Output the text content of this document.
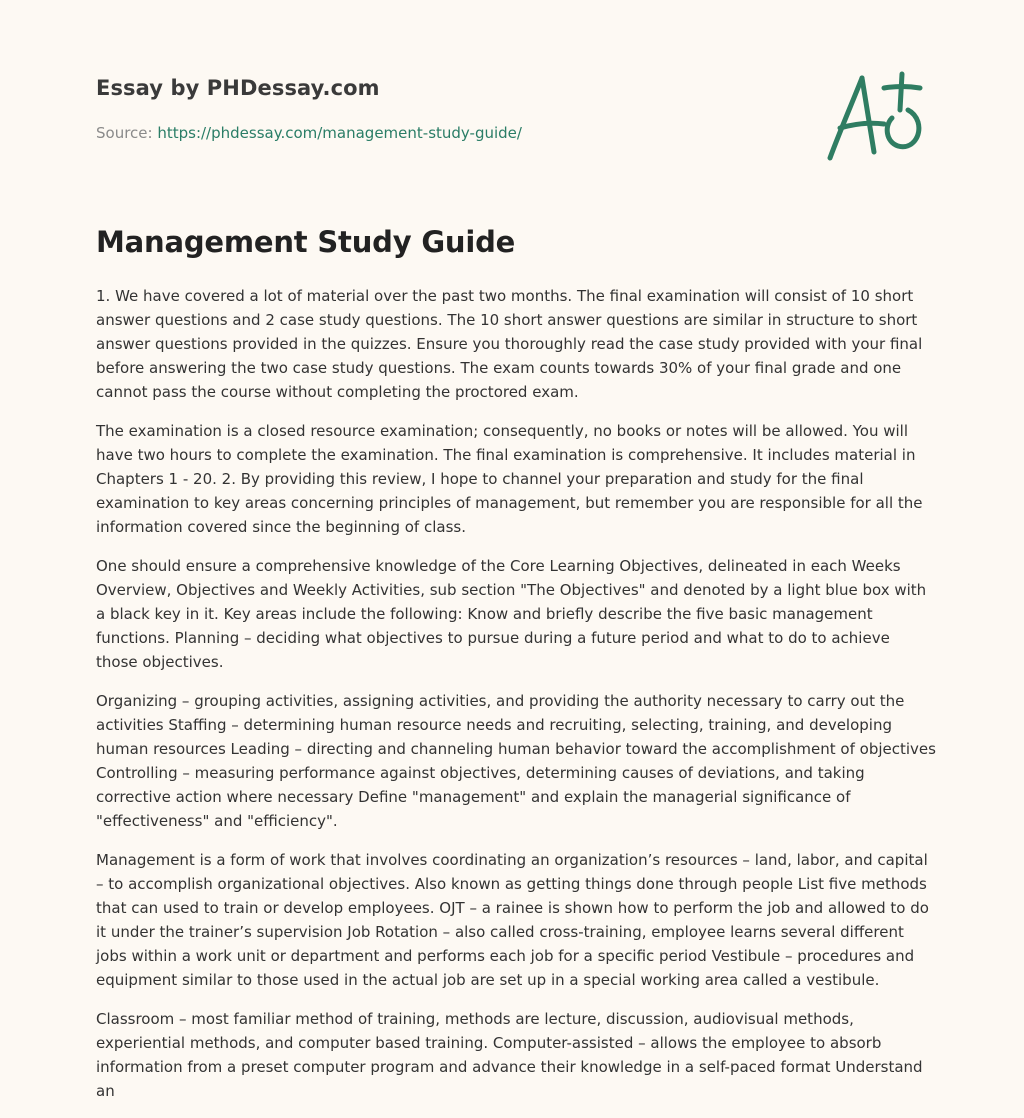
Essay by PHDessay.com
Source: https://phdessay.com/management-study-guide/
Management Study Guide

1. We have covered a lot of material over the past two months. The final examination will consist of 10 short answer questions and 2 case study questions. The 10 short answer questions are similar in structure to short answer questions provided in the quizzes. Ensure you thoroughly read the case study provided with your final before answering the two case study questions. The exam counts towards 30% of your final grade and one cannot pass the course without completing the proctored exam.

The examination is a closed resource examination; consequently, no books or notes will be allowed. You will have two hours to complete the examination. The final examination is comprehensive. It includes material in Chapters 1 - 20. 2. By providing this review, I hope to channel your preparation and study for the final examination to key areas concerning principles of management, but remember you are responsible for all the information covered since the beginning of class.

One should ensure a comprehensive knowledge of the Core Learning Objectives, delineated in each Weeks Overview, Objectives and Weekly Activities, sub section "The Objectives" and denoted by a light blue box with a black key in it. Key areas include the following: Know and briefly describe the five basic management functions. Planning – deciding what objectives to pursue during a future period and what to do to achieve those objectives.

Organizing – grouping activities, assigning activities, and providing the authority necessary to carry out the activities Staffing – determining human resource needs and recruiting, selecting, training, and developing human resources Leading – directing and channeling human behavior toward the accomplishment of objectives Controlling – measuring performance against objectives, determining causes of deviations, and taking corrective action where necessary Define "management" and explain the managerial significance of "effectiveness" and "efficiency".

Management is a form of work that involves coordinating an organization’s resources – land, labor, and capital – to accomplish organizational objectives. Also known as getting things done through people List five methods that can used to train or develop employees. OJT – a rainee is shown how to perform the job and allowed to do it under the trainer’s supervision Job Rotation – also called cross-training, employee learns several different jobs within a work unit or department and performs each job for a specific period Vestibule – procedures and equipment similar to those used in the actual job are set up in a special working area called a vestibule.

Classroom – most familiar method of training, methods are lecture, discussion, audiovisual methods, experiential methods, and computer based training. Computer-assisted – allows the employee to absorb information from a preset computer program and advance their knowledge in a self-paced format Understand an
